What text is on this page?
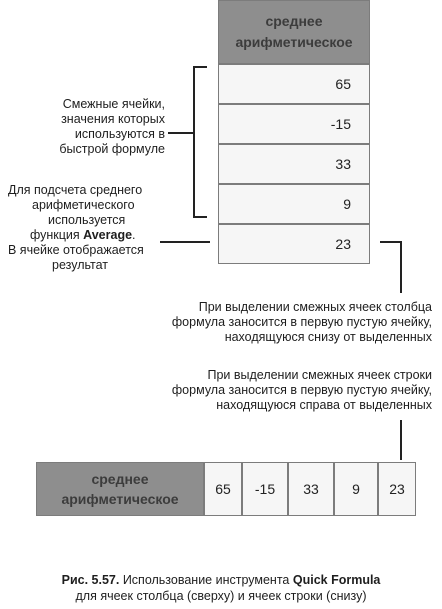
среднее
арифметическое
65
-15
33
9
23
Смежные ячейки,
значения которых
используются в
быстрой формуле
Для подсчета среднего
арифметического
используется
функция Average.
В ячейке отображается
результат
При выделении смежных ячеек столбца
формула заносится в первую пустую ячейку,
находящуюся снизу от выделенных
При выделении смежных ячеек строки
формула заносится в первую пустую ячейку,
находящуюся справа от выделенных
среднее
арифметическое
65	-15	33	9	23
Рис. 5.57. Использование инструмента Quick Formula
для ячеек столбца (сверху) и ячеек строки (снизу)
